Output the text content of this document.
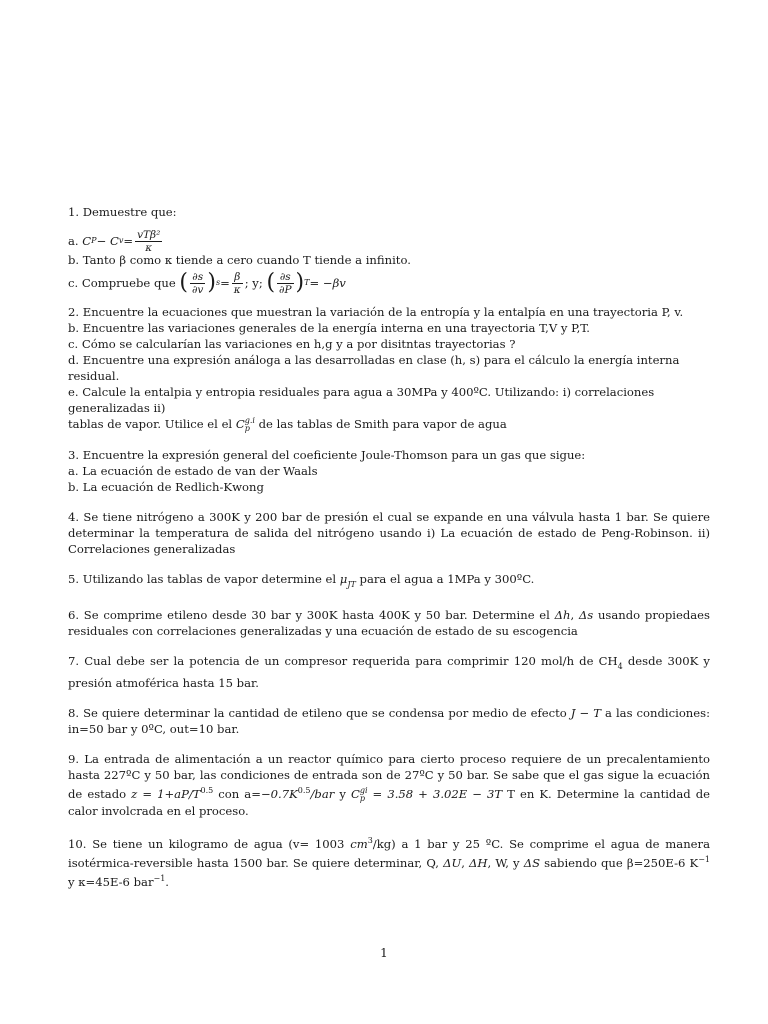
1. Demuestre que:
a.
C P − C $v = \frac{\text{vTβ²}}{\kappa}$
b. Tanto β como κ tiende a cero cuando T tiende a infinito.
c. Compruebe que
( $\frac{\partial s}{\partial v}$ ) $s = \frac{\beta}{\kappa}$ ; y;
( $\frac{\partial s}{\partial P}$ ) T = −βv
2. Encuentre la ecuaciones que muestran la variación de la entropía y la entalpía en una trayectoria P, v.
b. Encuentre las variaciones generales de la energía interna en una trayectoria T,V y P,T.
c. Cómo se calcularían las variaciones en h,g y a por disitntas trayectorias ?
d. Encuentre una expresión análoga a las desarrolladas en clase (h, s) para el cálculo la energía interna residual.
e. Calcule la entalpia y entropia residuales para agua a 30MPa y 400ºC. Utilizando: i) correlaciones generalizadas ii)
tablas de vapor. Utilice el el C g.i
p de las tablas de Smith para vapor de agua
3. Encuentre la expresión general del coeficiente Joule-Thomson para un gas que sigue:
a. La ecuación de estado de van der Waals
b. La ecuación de Redlich-Kwong
4. Se tiene nitrógeno a 300K y 200 bar de presión el cual se expande en una válvula hasta 1 bar. Se quiere determinar la temperatura de salida del nitrógeno usando i) La ecuación de estado de Peng-Robinson. ii) Correlaciones generalizadas
5. Utilizando las tablas de vapor determine el $\mu_{JT}$ para el agua a 1MPa y 300ºC.
6. Se comprime etileno desde 30 bar y 300K hasta 400K y 50 bar. Determine el Δh, Δs usando propiedaes residuales con correlaciones generalizadas y una ecuación de estado de su escogencia
7. Cual debe ser la potencia de un compresor requerida para comprimir 120 mol/h de $CH_4$ desde 300K y presión atmoférica hasta 15 bar.
8. Se quiere determinar la cantidad de etileno que se condensa por medio de efecto J − T a las condiciones: in=50 bar y 0ºC, out=10 bar.
9. La entrada de alimentación a un reactor químico para cierto proceso requiere de un precalentamiento hasta 227ºC y 50 bar, las condiciones de entrada son de 27ºC y 50 bar. Se sabe que el gas sigue la ecuación de estado $z = 1+aP/T^{0.5}$ con $a=-0.7K^{0.5}$/bar y C gi
p = 3.58 + 3.02E − 3T T en K. Determine la cantidad de calor involcrada en el proceso.
10. Se tiene un kilogramo de agua (v= 1003 $cm^3/kg$) a 1 bar y 25 ºC. Se comprime el agua de manera isotérmica-reversible hasta 1500 bar. Se quiere determinar, Q, ΔU, ΔH, W, y ΔS sabiendo que β=250E-6 $K^{-1}$ y κ=45E-6 bar$^{-1}$.
1
